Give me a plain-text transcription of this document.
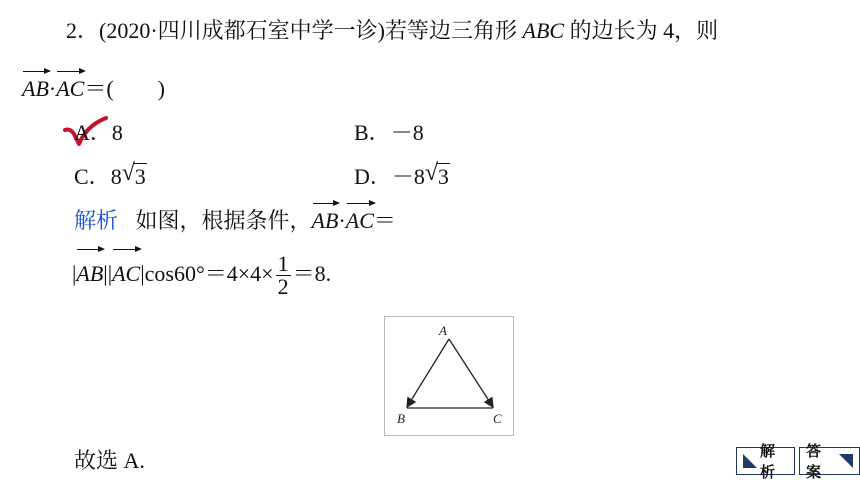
2．(2020·四川成都石室中学一诊)若等边三角形 ABC 的边长为 4，则
AB·AC＝(　　)
A．8	B．－8
C．8 √ 3	D．－8 √ 3
解析 如图，根据条件，AB·AC＝
$|AB||AC|\cos 60^\circ=4\times 4\times \frac{1}{2} =8$.
A
B	C
故选 A.	解析
答案
